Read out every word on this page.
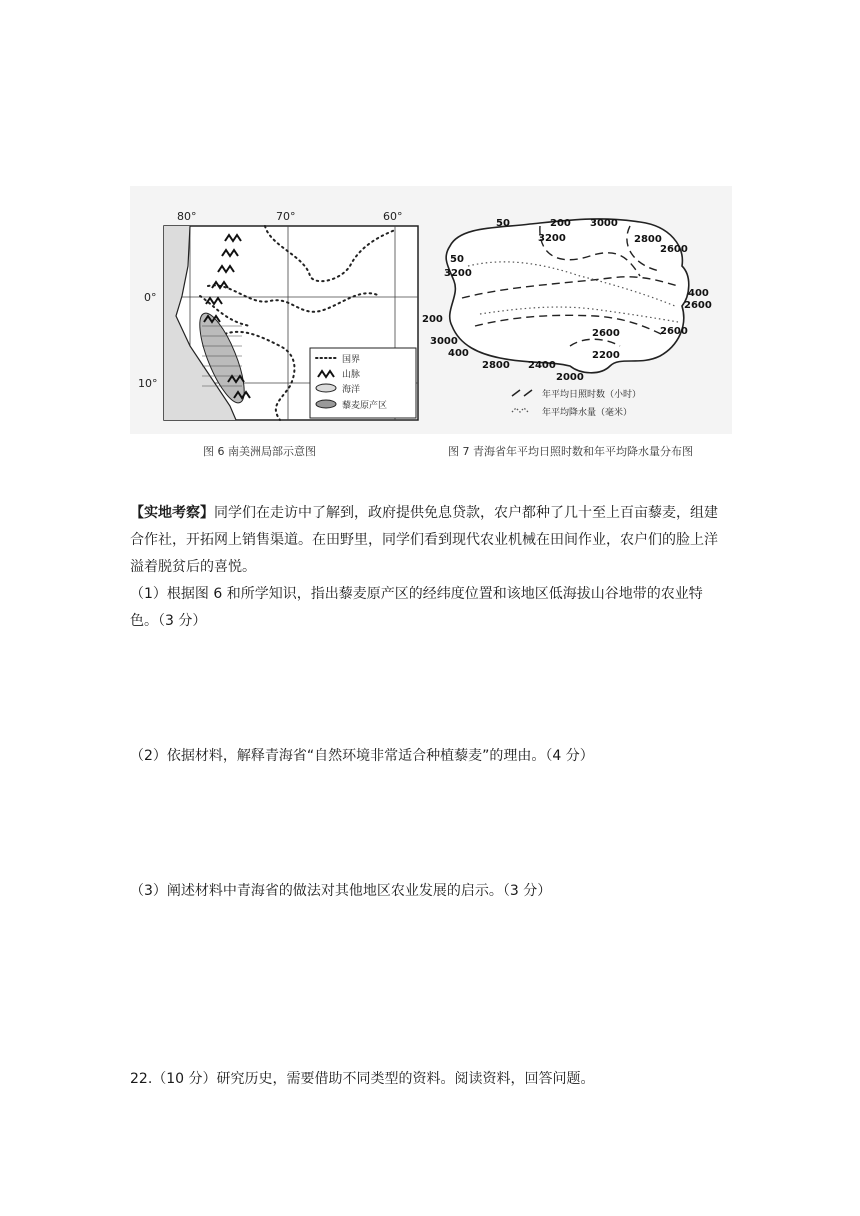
80°	70°	60°
0°
10°
国界
山脉
海洋
藜麦原产区
50	200 3000
3200	2800
2600
50
3200
400
2600
200
2600	2600
3000
400
2800 2400
2200
2000
年平均日照时数（小时）
年平均降水量（毫米）
图 6 南美洲局部示意图	图 7 青海省年平均日照时数和年平均降水量分布图
【实地考察】同学们在走访中了解到，政府提供免息贷款，农户都种了几十至上百亩藜麦，组建合作社，开拓网上销售渠道。在田野里，同学们看到现代农业机械在田间作业，农户们的脸上洋溢着脱贫后的喜悦。
（1）根据图 6 和所学知识，指出藜麦原产区的经纬度位置和该地区低海拔山谷地带的农业特色。（3 分）
（2）依据材料，解释青海省“自然环境非常适合种植藜麦”的理由。（4 分）
（3）阐述材料中青海省的做法对其他地区农业发展的启示。（3 分）
22.（10 分）研究历史，需要借助不同类型的资料。阅读资料，回答问题。
